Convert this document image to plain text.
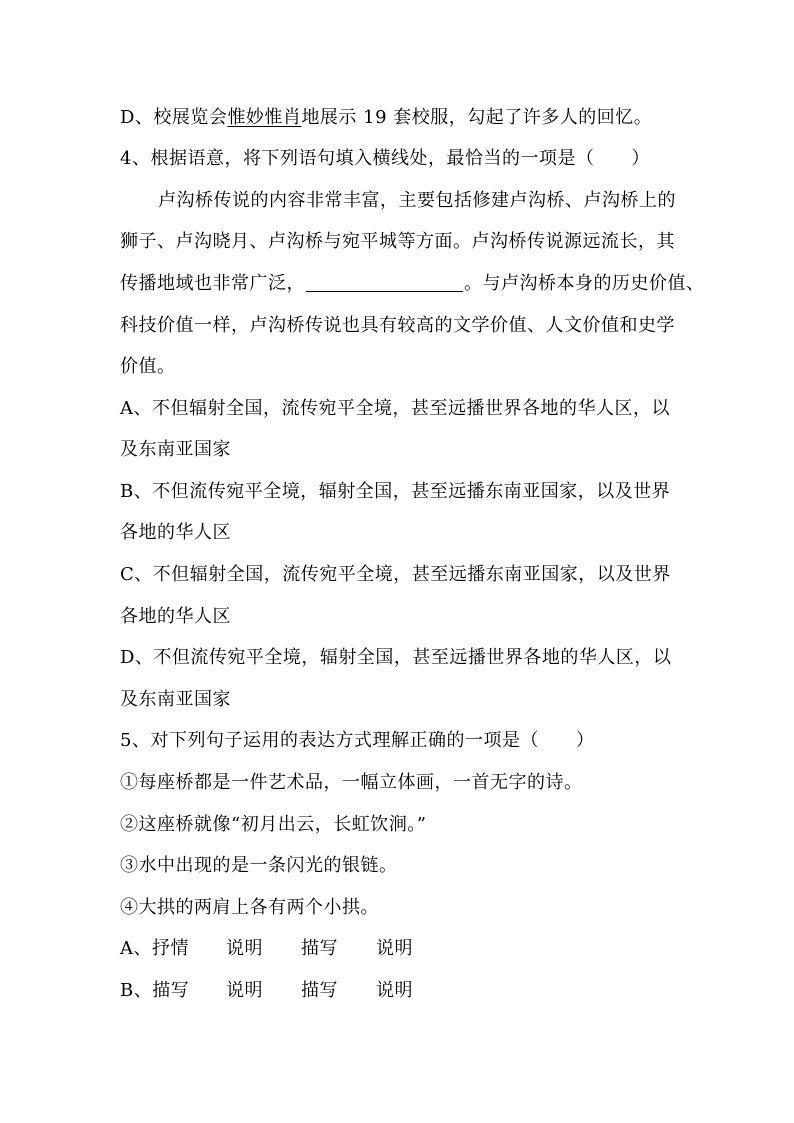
D、校展览会惟妙惟肖地展示 19 套校服，勾起了许多人的回忆。
4、根据语意，将下列语句填入横线处，最恰当的一项是（　　）
卢沟桥传说的内容非常丰富，主要包括修建卢沟桥、卢沟桥上的
狮子、卢沟晓月、卢沟桥与宛平城等方面。卢沟桥传说源远流长，其
传播地域也非常广泛，	。与卢沟桥本身的历史价值、
科技价值一样，卢沟桥传说也具有较高的文学价值、人文价值和史学
价值。
A、不但辐射全国，流传宛平全境，甚至远播世界各地的华人区，以
及东南亚国家
B、不但流传宛平全境，辐射全国，甚至远播东南亚国家，以及世界
各地的华人区
C、不但辐射全国，流传宛平全境，甚至远播东南亚国家，以及世界
各地的华人区
D、不但流传宛平全境，辐射全国，甚至远播世界各地的华人区，以
及东南亚国家
5、对下列句子运用的表达方式理解正确的一项是（　　）
①每座桥都是一件艺术品，一幅立体画，一首无字的诗。
②这座桥就像“初月出云，长虹饮涧。”
③水中出现的是一条闪光的银链。
④大拱的两肩上各有两个小拱。
A、抒情 说明 描写 说明
B、描写 说明 描写 说明
